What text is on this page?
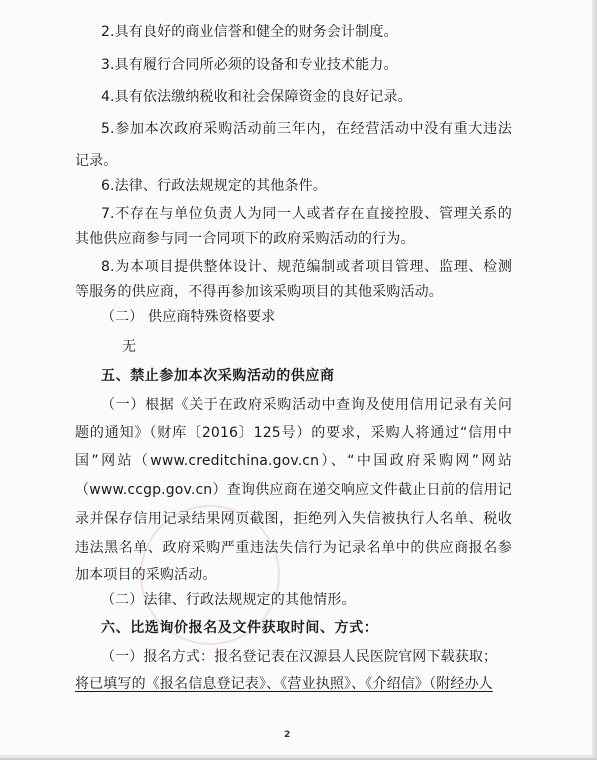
2.具有良好的商业信誉和健全的财务会计制度。

3.具有履行合同所必须的设备和专业技术能力。

4.具有依法缴纳税收和社会保障资金的良好记录。

5.参加本次政府采购活动前三年内，在经营活动中没有重大违法

记录。

6.法律、行政法规规定的其他条件。

7.不存在与单位负责人为同一人或者存在直接控股、管理关系的

其他供应商参与同一合同项下的政府采购活动的行为。

8.为本项目提供整体设计、规范编制或者项目管理、监理、检测

等服务的供应商，不得再参加该采购项目的其他采购活动。

（二） 供应商特殊资格要求

无

五、禁止参加本次采购活动的供应商

（一）根据《关于在政府采购活动中查询及使用信用记录有关问

题的通知》（财库〔2016〕125号）的要求，采购人将通过“信用中

国”网站（www.creditchina.gov.cn）、“中国政府采购网”网站

（www.ccgp.gov.cn）查询供应商在递交响应文件截止日前的信用记

录并保存信用记录结果网页截图，拒绝列入失信被执行人名单、税收

违法黑名单、政府采购严重违法失信行为记录名单中的供应商报名参

加本项目的采购活动。

（二）法律、行政法规规定的其他情形。

六、比选询价报名及文件获取时间、方式：

（一）报名方式：报名登记表在汉源县人民医院官网下载获取；

将已填写的《报名信息登记表》、《营业执照》、《介绍信》（附经办人

2
